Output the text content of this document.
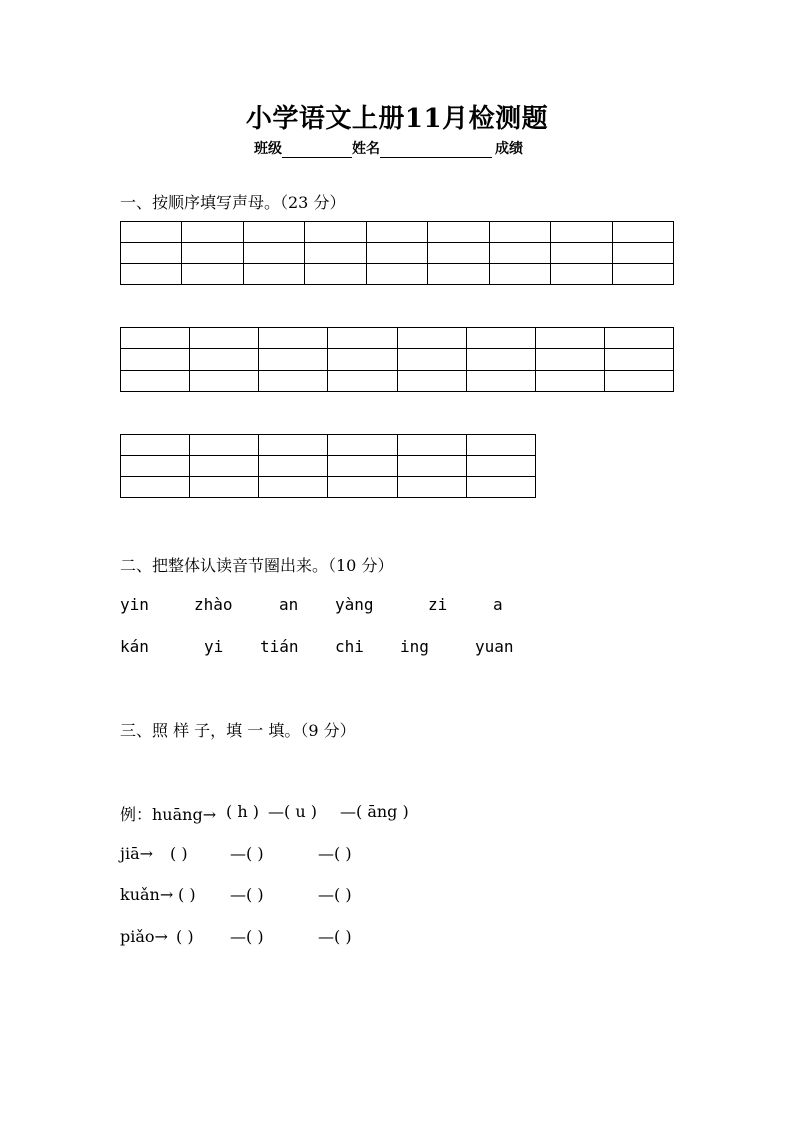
小学语文上册11月检测题
班级	姓名	成绩
一、按顺序填写声母。（23 分）

二、把整体认读音节圈出来。（10 分）
yin	zhào	an yàng	zi	a
kán	yi tián chi ing	yuan
三、照 样 子，填 一 填。（9 分）
例：huāng→ ( h ) —( u ) —( āng )
jiā→ ( )	—( )	—( )
kuǎn→ ( ) —( )	—( )
piǎo→ ( ) —( )	—( )
